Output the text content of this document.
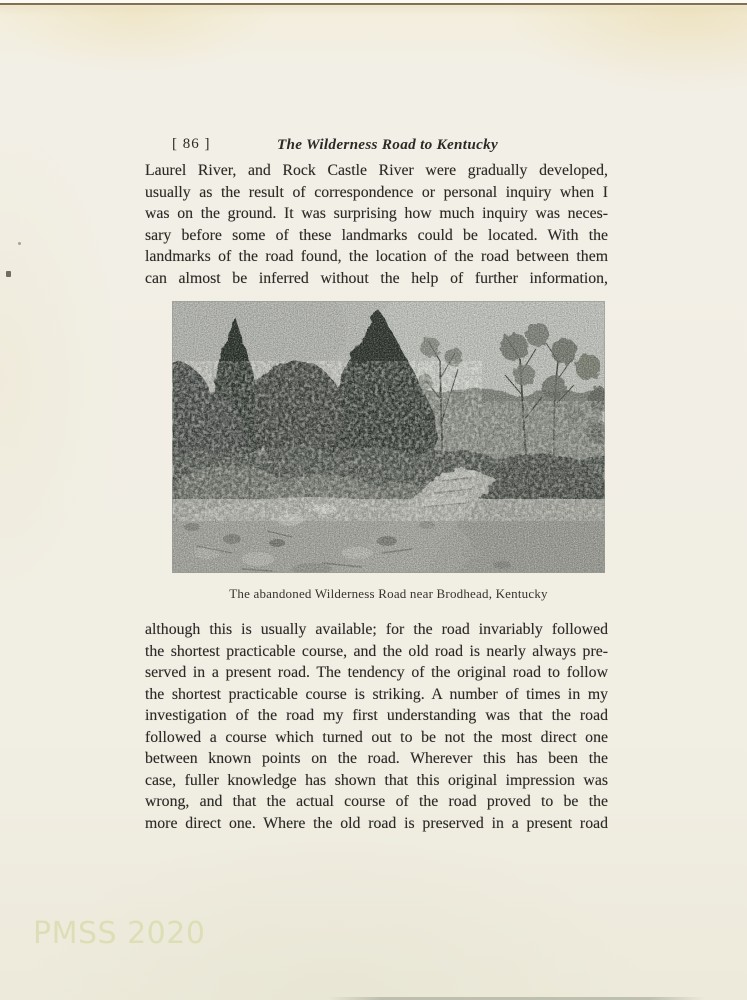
[ 86 ]	The Wilderness Road to Kentucky
Laurel River, and Rock Castle River were gradually developed,
usually as the result of correspondence or personal inquiry when I
was on the ground. It was surprising how much inquiry was neces-
sary before some of these landmarks could be located. With the
landmarks of the road found, the location of the road between them
can almost be inferred without the help of further information,
The abandoned Wilderness Road near Brodhead, Kentucky
although this is usually available; for the road invariably followed
the shortest practicable course, and the old road is nearly always pre-
served in a present road. The tendency of the original road to follow
the shortest practicable course is striking. A number of times in my
investigation of the road my first understanding was that the road
followed a course which turned out to be not the most direct one
between known points on the road. Wherever this has been the
case, fuller knowledge has shown that this original impression was
wrong, and that the actual course of the road proved to be the
more direct one. Where the old road is preserved in a present road
PMSS 2020
